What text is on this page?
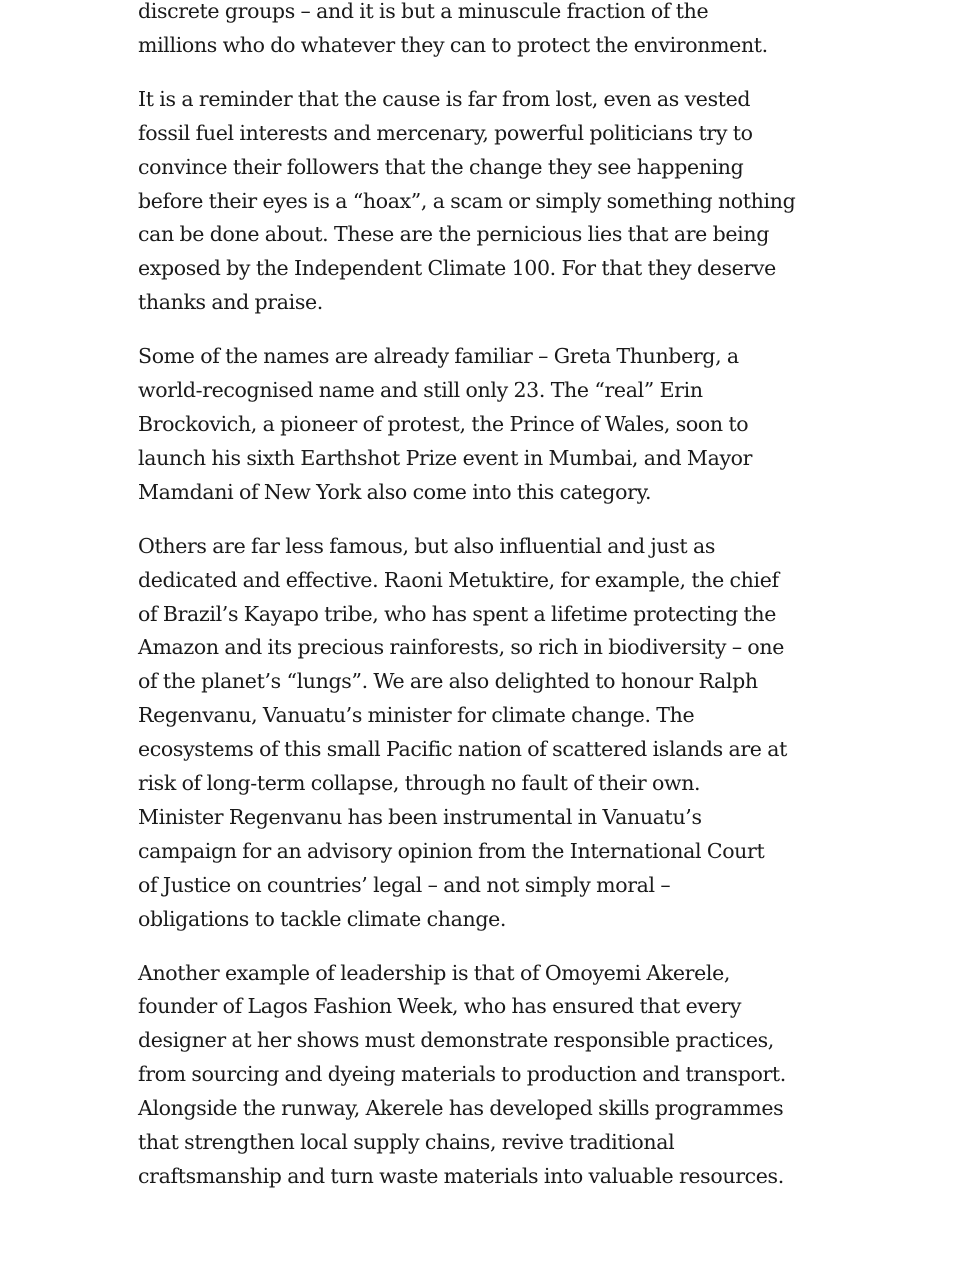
discrete groups – and it is but a minuscule fraction of the
millions who do whatever they can to protect the environment.

It is a reminder that the cause is far from lost, even as vested
fossil fuel interests and mercenary, powerful politicians try to
convince their followers that the change they see happening
before their eyes is a “hoax”, a scam or simply something nothing
can be done about. These are the pernicious lies that are being
exposed by the Independent Climate 100. For that they deserve
thanks and praise.

Some of the names are already familiar – Greta Thunberg, a
world-recognised name and still only 23. The “real” Erin
Brockovich, a pioneer of protest, the Prince of Wales, soon to
launch his sixth Earthshot Prize event in Mumbai, and Mayor
Mamdani of New York also come into this category.

Others are far less famous, but also influential and just as
dedicated and effective. Raoni Metuktire, for example, the chief
of Brazil’s Kayapo tribe, who has spent a lifetime protecting the
Amazon and its precious rainforests, so rich in biodiversity – one
of the planet’s “lungs”. We are also delighted to honour Ralph
Regenvanu, Vanuatu’s minister for climate change. The
ecosystems of this small Pacific nation of scattered islands are at
risk of long-term collapse, through no fault of their own.
Minister Regenvanu has been instrumental in Vanuatu’s
campaign for an advisory opinion from the International Court
of Justice on countries’ legal – and not simply moral –
obligations to tackle climate change.

Another example of leadership is that of Omoyemi Akerele,
founder of Lagos Fashion Week, who has ensured that every
designer at her shows must demonstrate responsible practices,
from sourcing and dyeing materials to production and transport.
Alongside the runway, Akerele has developed skills programmes
that strengthen local supply chains, revive traditional
craftsmanship and turn waste materials into valuable resources.
